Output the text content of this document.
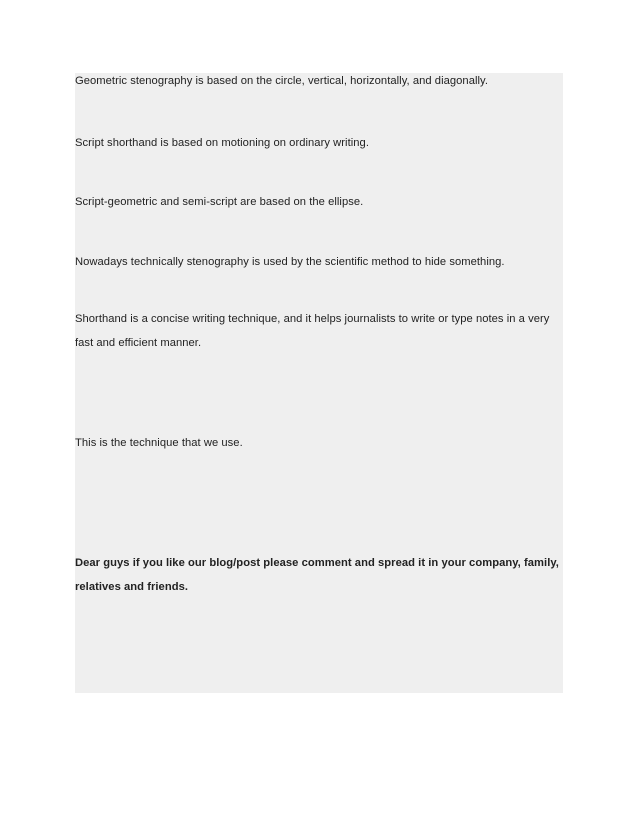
Geometric stenography is based on the circle, vertical, horizontally, and diagonally.

Script shorthand is based on motioning on ordinary writing.

Script-geometric and semi-script are based on the ellipse.

Nowadays technically stenography is used by the scientific method to hide something.

Shorthand is a concise writing technique, and it helps journalists to write or type notes in a very fast and efficient manner.

This is the technique that we use.

Dear guys if you like our blog/post please comment and spread it in your company, family, relatives and friends.
